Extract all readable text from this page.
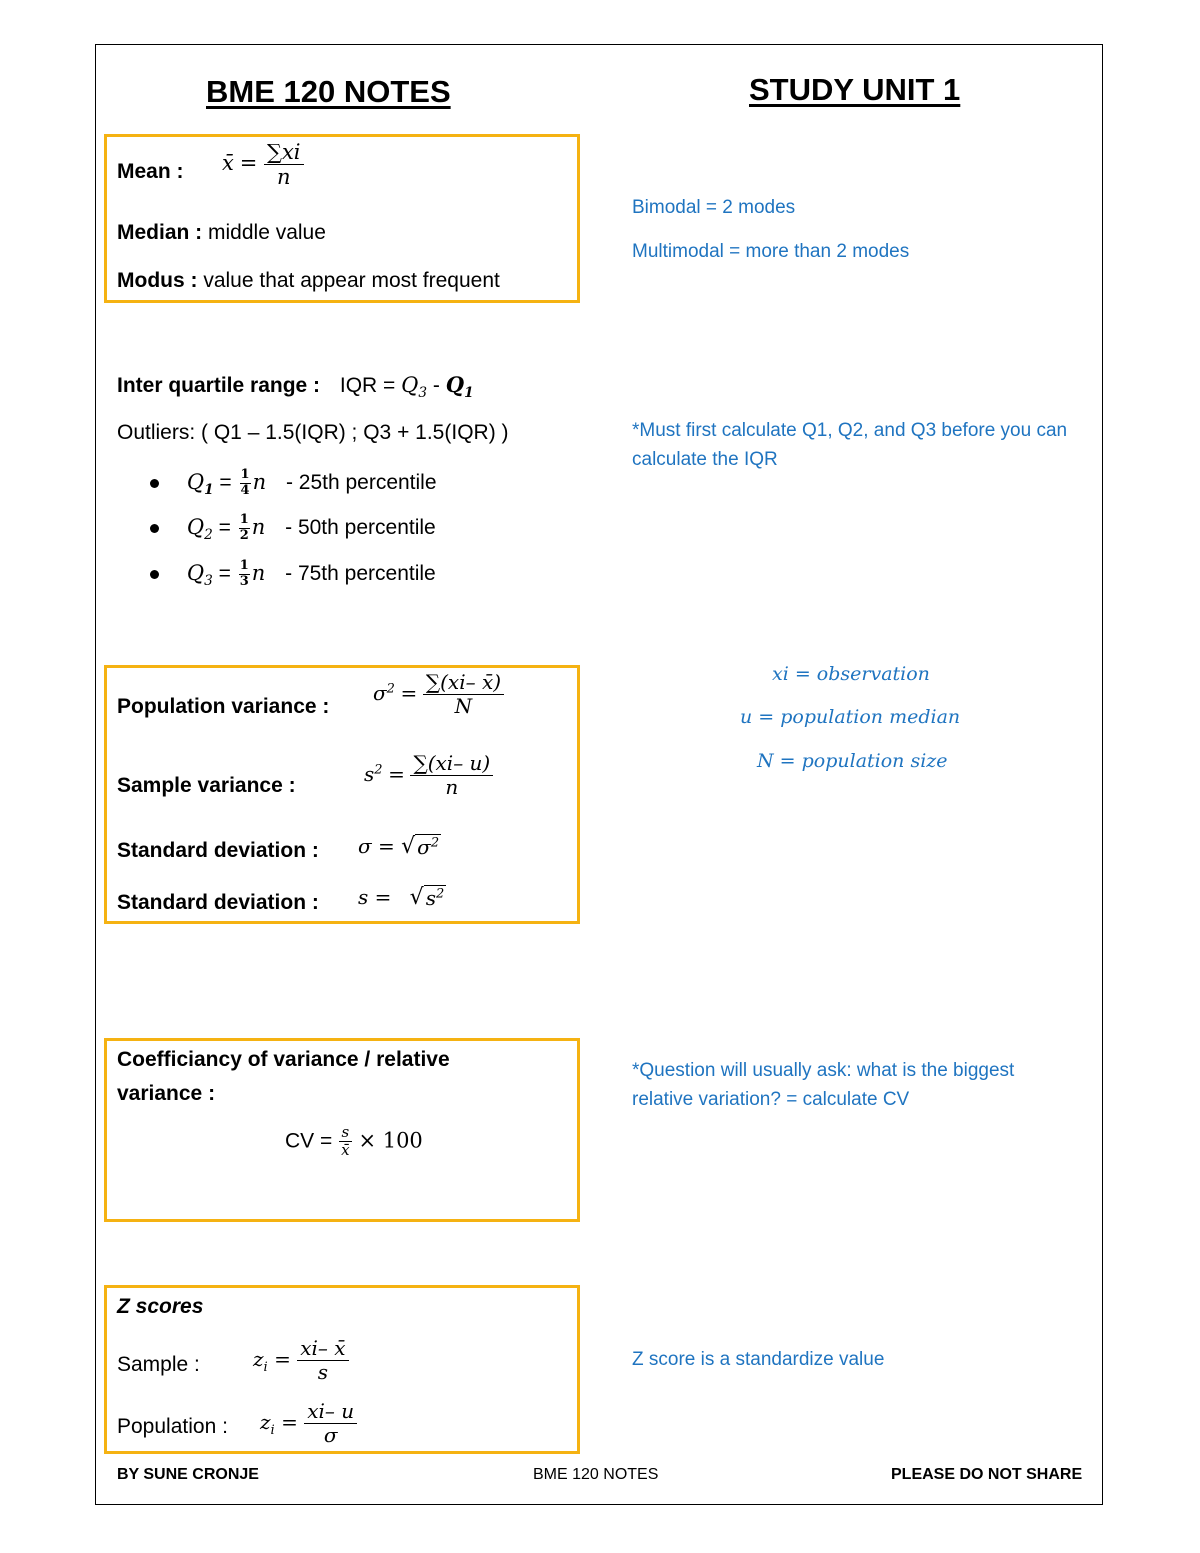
BME 120 NOTES	STUDY UNIT 1
Mean : x̄ = $\frac{\sum xi}{n}$
Median : middle value
Modus : value that appear most frequent
Bimodal = 2 modes
Multimodal = more than 2 modes
Inter quartile range : IQR = $Q_3 - Q_1$
Outliers: ( Q1 – 1.5(IQR) ; Q3 + 1.5(IQR) )
$Q_1 = \frac{1}{4}$ n - 25th percentile
$Q_2 = \frac{1}{2}$ n - 50th percentile
$Q_3 = \frac{1}{3}$ n - 75th percentile
*Must first calculate Q1, Q2, and Q3 before you can calculate the IQR
Population variance :
$\sigma^2 = \frac{\sum(xi- x̄)}{N}$
Sample variance :	$s^2 = \frac{\sum(xi- u)}{n}$
Standard deviation : σ = √ $\sigma^2$
Standard deviation : s = √ $s^2$
xi = observation
u = population median
N = population size
Coefficiancy of variance / relative
variance :
CV = $\frac{s}{x̄} \times 100$
*Question will usually ask: what is the biggest relative variation? = calculate CV
Z scores
Sample :	$z_i = \frac{xi- x̄}{s}$
Population : $z_i = \frac{xi- u}{\sigma}$
Z score is a standardize value
BY SUNE CRONJE	BME 120 NOTES	PLEASE DO NOT SHARE
